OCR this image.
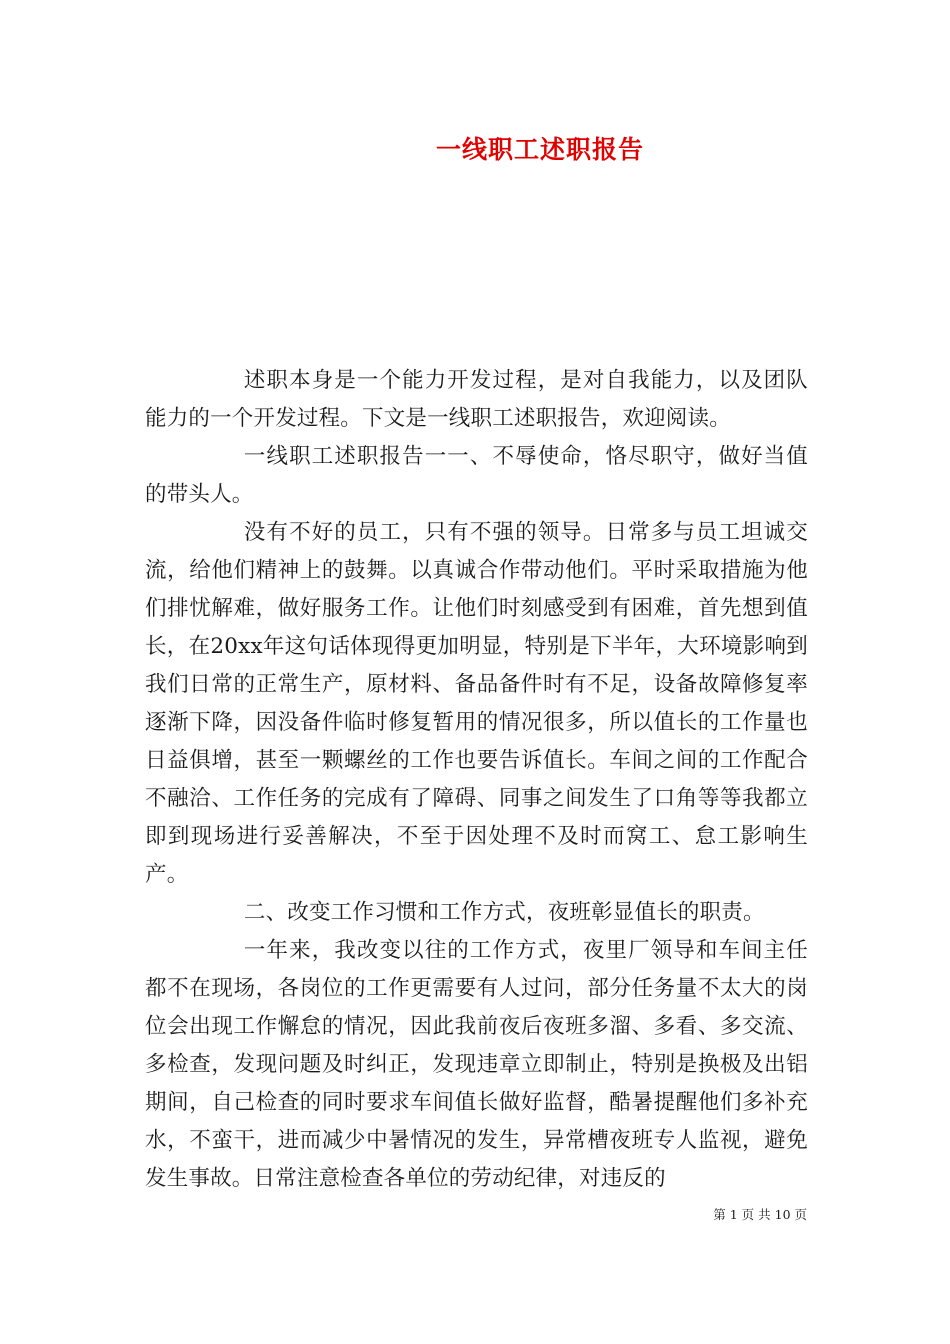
一线职工述职报告

述职本身是一个能力开发过程，是对自我能力，以及团队能力的一个开发过程。下文是一线职工述职报告，欢迎阅读。

一线职工述职报告一一、不辱使命，恪尽职守，做好当值的带头人。

没有不好的员工，只有不强的领导。日常多与员工坦诚交流，给他们精神上的鼓舞。以真诚合作带动他们。平时采取措施为他们排忧解难，做好服务工作。让他们时刻感受到有困难，首先想到值长，在20xx年这句话体现得更加明显，特别是下半年，大环境影响到我们日常的正常生产，原材料、备品备件时有不足，设备故障修复率逐渐下降，因没备件临时修复暂用的情况很多，所以值长的工作量也日益俱增，甚至一颗螺丝的工作也要告诉值长。车间之间的工作配合不融洽、工作任务的完成有了障碍、同事之间发生了口角等等我都立即到现场进行妥善解决，不至于因处理不及时而窝工、怠工影响生产。

二、改变工作习惯和工作方式，夜班彰显值长的职责。

一年来，我改变以往的工作方式，夜里厂领导和车间主任都不在现场，各岗位的工作更需要有人过问，部分任务量不太大的岗位会出现工作懈怠的情况，因此我前夜后夜班多溜、多看、多交流、多检查，发现问题及时纠正，发现违章立即制止，特别是换极及出铝期间，自己检查的同时要求车间值长做好监督，酷暑提醒他们多补充水，不蛮干，进而减少中暑情况的发生，异常槽夜班专人监视，避免发生事故。日常注意检查各单位的劳动纪律，对违反的

第 1 页 共 10 页
